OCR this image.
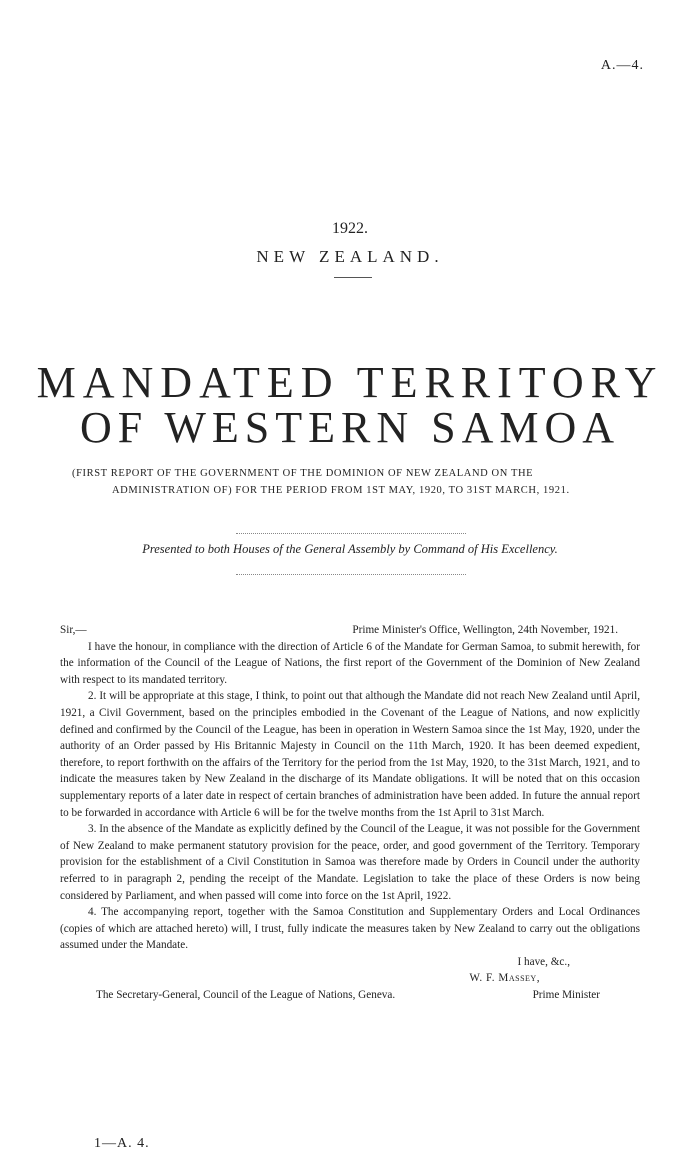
A.—4.
1922.
NEW ZEALAND.
MANDATED TERRITORY
OF WESTERN SAMOA
(FIRST REPORT OF THE GOVERNMENT OF THE DOMINION OF NEW ZEALAND ON THE
ADMINISTRATION OF) FOR THE PERIOD FROM 1ST MAY, 1920, TO 31ST MARCH, 1921.
Presented to both Houses of the General Assembly by Command of His Excellency.
Sir,—	Prime Minister's Office, Wellington, 24th November, 1921.

I have the honour, in compliance with the direction of Article 6 of the Mandate for German Samoa, to submit herewith, for the information of the Council of the League of Nations, the first report of the Government of the Dominion of New Zealand with respect to its mandated territory.

2. It will be appropriate at this stage, I think, to point out that although the Mandate did not reach New Zealand until April, 1921, a Civil Government, based on the principles embodied in the Covenant of the League of Nations, and now explicitly defined and confirmed by the Council of the League, has been in operation in Western Samoa since the 1st May, 1920, under the authority of an Order passed by His Britannic Majesty in Council on the 11th March, 1920. It has been deemed expedient, therefore, to report forthwith on the affairs of the Territory for the period from the 1st May, 1920, to the 31st March, 1921, and to indicate the measures taken by New Zealand in the discharge of its Mandate obligations. It will be noted that on this occasion supplementary reports of a later date in respect of certain branches of administration have been added. In future the annual report to be forwarded in accordance with Article 6 will be for the twelve months from the 1st April to 31st March.

3. In the absence of the Mandate as explicitly defined by the Council of the League, it was not possible for the Government of New Zealand to make permanent statutory provision for the peace, order, and good government of the Territory. Temporary provision for the establishment of a Civil Constitution in Samoa was therefore made by Orders in Council under the authority referred to in paragraph 2, pending the receipt of the Mandate. Legislation to take the place of these Orders is now being considered by Parliament, and when passed will come into force on the 1st April, 1922.

4. The accompanying report, together with the Samoa Constitution and Supplementary Orders and Local Ordinances (copies of which are attached hereto) will, I trust, fully indicate the measures taken by New Zealand to carry out the obligations assumed under the Mandate.

I have, &c.,
W. F. Massey,
The Secretary-General, Council of the League of Nations, Geneva.	Prime Minister
1—A. 4.
